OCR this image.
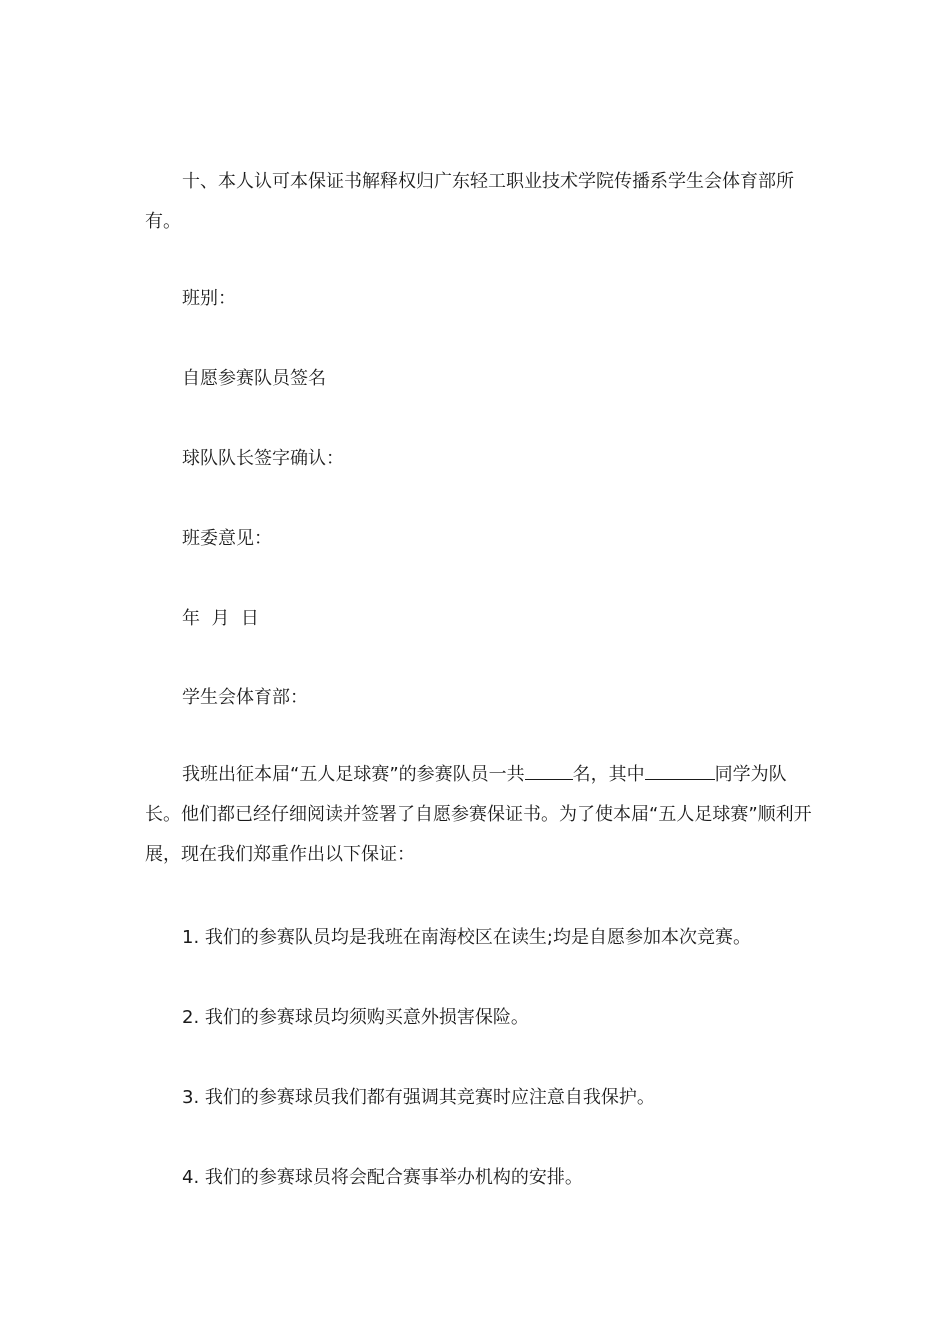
十、本人认可本保证书解释权归广东轻工职业技术学院传播系学生会体育部所有。

班别：

自愿参赛队员签名

球队队长签字确认：

班委意见：

年  月  日

学生会体育部：

我班出征本届“五人足球赛”的参赛队员一共	名，其中	同学为队长。他们都已经仔细阅读并签署了自愿参赛保证书。为了使本届“五人足球赛”顺利开展，现在我们郑重作出以下保证：

1. 我们的参赛队员均是我班在南海校区在读生;均是自愿参加本次竞赛。

2. 我们的参赛球员均须购买意外损害保险。

3. 我们的参赛球员我们都有强调其竞赛时应注意自我保护。

4. 我们的参赛球员将会配合赛事举办机构的安排。
